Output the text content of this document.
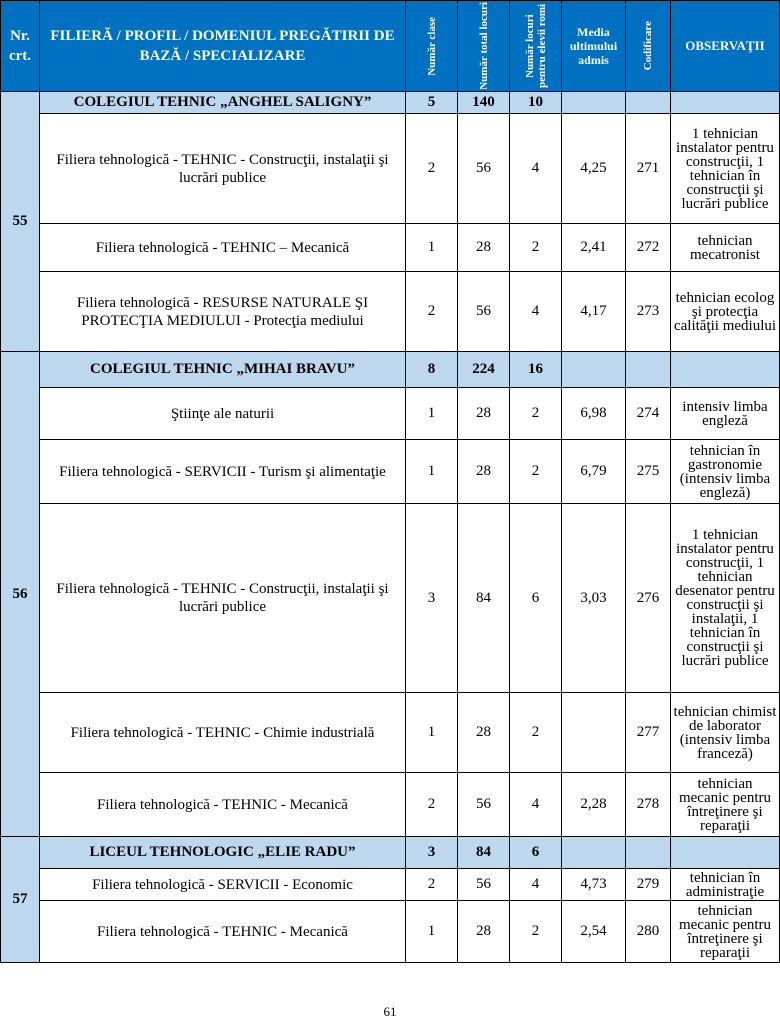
Nr. crt.	FILIERĂ / PROFIL / DOMENIUL PREGĂTIRII DE BAZĂ / SPECIALIZARE	Număr clase	Număr total locuri	Număr locuri pentru elevii romi	Media ultimului admis	Codificare	OBSERVAŢII

55	COLEGIUL TEHNIC „ANGHEL SALIGNY”	5	140	10			
	Filiera tehnologică - TEHNIC - Construcţii, instalaţii şi lucrări publice	2	56	4	4,25	271	1 tehnician instalator pentru construcţii, 1 tehnician în construcţii şi lucrări publice
	Filiera tehnologică - TEHNIC – Mecanică	1	28	2	2,41	272	tehnician mecatronist
	Filiera tehnologică - RESURSE NATURALE ŞI PROTECŢIA MEDIULUI - Protecţia mediului	2	56	4	4,17	273	tehnician ecolog şi protecţia calităţii mediului
56	COLEGIUL TEHNIC „MIHAI BRAVU”	8	224	16			
	Ştiinţe ale naturii	1	28	2	6,98	274	intensiv limba engleză
	Filiera tehnologică - SERVICII - Turism şi alimentaţie	1	28	2	6,79	275	tehnician în gastronomie (intensiv limba engleză)
	Filiera tehnologică - TEHNIC - Construcţii, instalaţii şi lucrări publice	3	84	6	3,03	276	1 tehnician instalator pentru construcţii, 1 tehnician desenator pentru construcţii şi instalaţii, 1 tehnician în construcţii şi lucrări publice
	Filiera tehnologică - TEHNIC - Chimie industrială	1	28	2		277	tehnician chimist de laborator (intensiv limba franceză)
	Filiera tehnologică - TEHNIC - Mecanică	2	56	4	2,28	278	tehnician mecanic pentru întreţinere şi reparaţii
57	LICEUL TEHNOLOGIC „ELIE RADU”	3	84	6			
	Filiera tehnologică - SERVICII - Economic	2	56	4	4,73	279	tehnician în administraţie
	Filiera tehnologică - TEHNIC - Mecanică	1	28	2	2,54	280	tehnician mecanic pentru întreţinere şi reparaţii
61
